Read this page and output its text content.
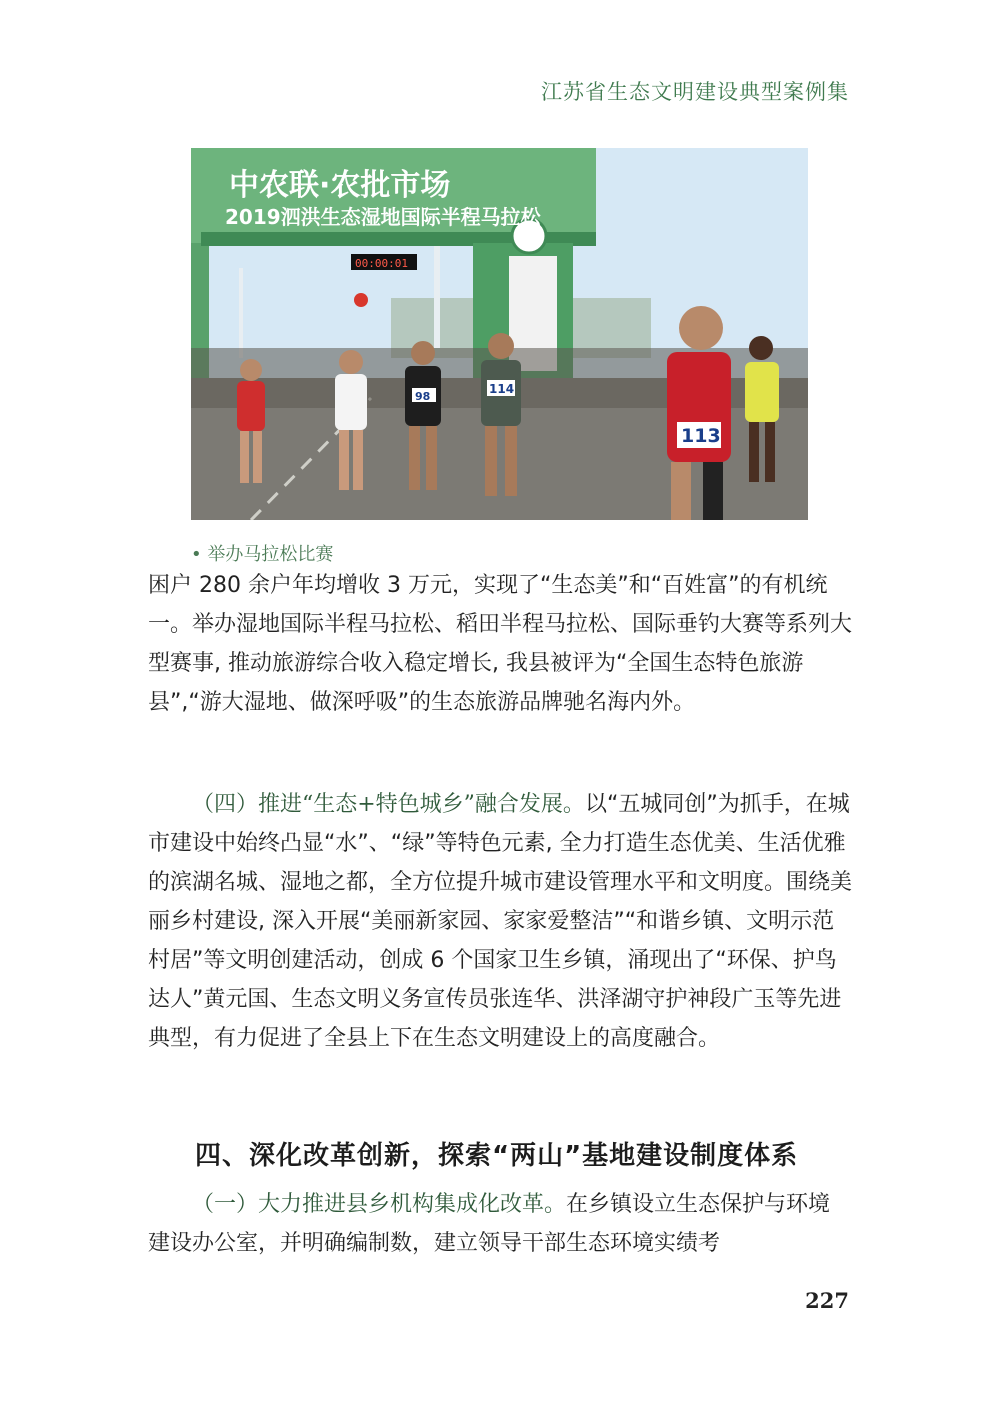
江苏省生态文明建设典型案例集
中农联·农批市场
2019泗洪生态湿地国际半程马拉松
00:00:01
98
114
113
• 举办马拉松比赛

困户 280 余户年均增收 3 万元，实现了“生态美”和“百姓富”的有机统一。举办湿地国际半程马拉松、稻田半程马拉松、国际垂钓大赛等系列大型赛事, 推动旅游综合收入稳定增长, 我县被评为“全国生态特色旅游县”,“游大湿地、做深呼吸”的生态旅游品牌驰名海内外。

（四）推进“生态+特色城乡”融合发展。以“五城同创”为抓手，在城市建设中始终凸显“水”、“绿”等特色元素, 全力打造生态优美、生活优雅的滨湖名城、湿地之都，全方位提升城市建设管理水平和文明度。围绕美丽乡村建设, 深入开展“美丽新家园、家家爱整洁”“和谐乡镇、文明示范村居”等文明创建活动，创成 6 个国家卫生乡镇，涌现出了“环保、护鸟达人”黄元国、生态文明义务宣传员张连华、洪泽湖守护神段广玉等先进典型，有力促进了全县上下在生态文明建设上的高度融合。

四、深化改革创新，探索“两山”基地建设制度体系

（一）大力推进县乡机构集成化改革。在乡镇设立生态保护与环境建设办公室，并明确编制数，建立领导干部生态环境实绩考

227
